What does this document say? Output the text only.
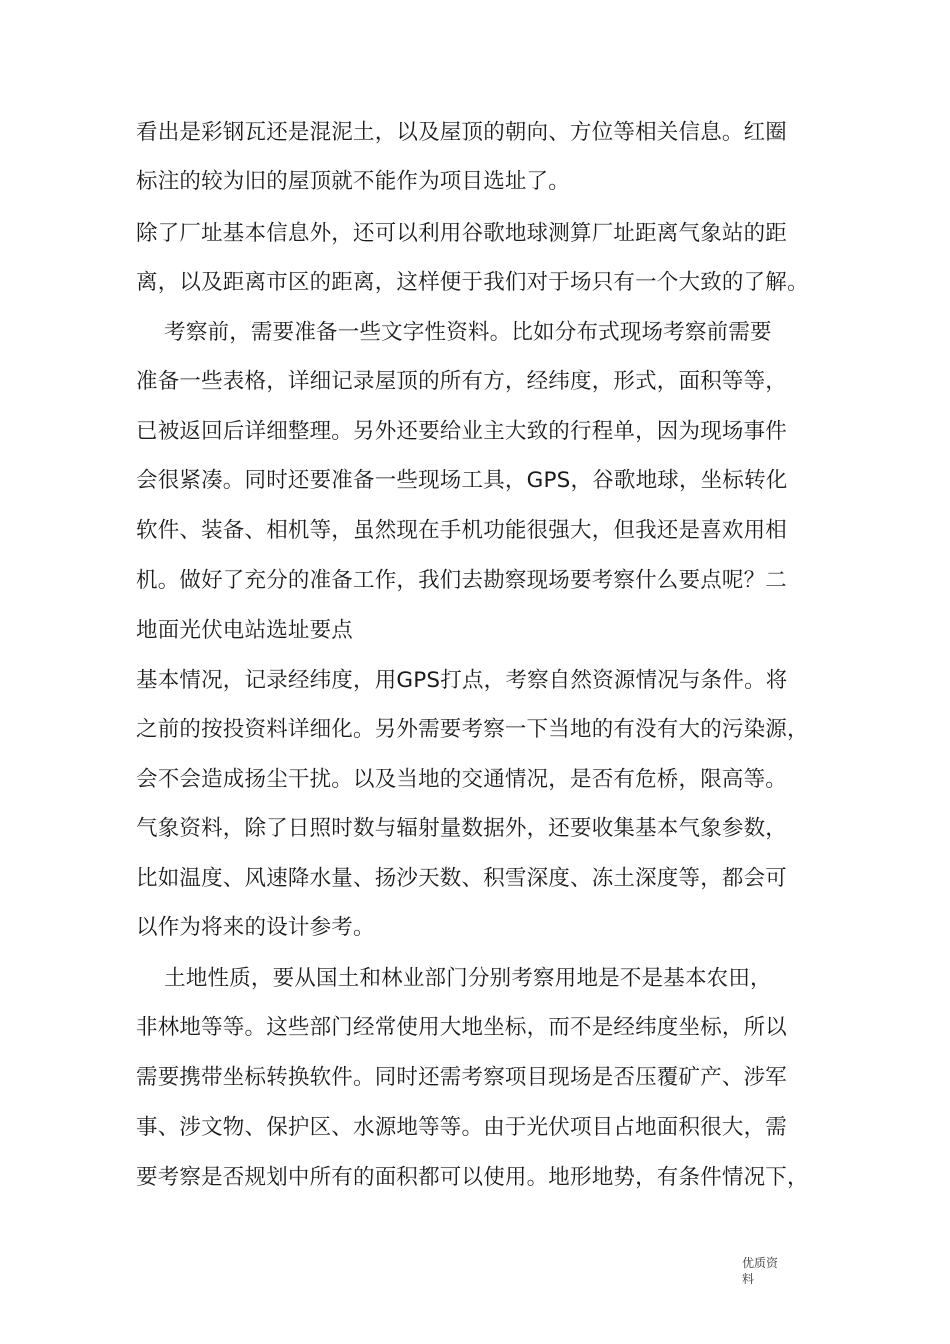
看出是彩钢瓦还是混泥土，以及屋顶的朝向、方位等相关信息。红圈
标注的较为旧的屋顶就不能作为项目选址了。
除了厂址基本信息外，还可以利用谷歌地球测算厂址距离气象站的距
离，以及距离市区的距离，这样便于我们对于场只有一个大致的了解。
考察前，需要准备一些文字性资料。比如分布式现场考察前需要
准备一些表格，详细记录屋顶的所有方，经纬度，形式，面积等等，
已被返回后详细整理。另外还要给业主大致的行程单，因为现场事件
会很紧凑。同时还要准备一些现场工具，GPS，谷歌地球，坐标转化
软件、装备、相机等，虽然现在手机功能很强大，但我还是喜欢用相
机。做好了充分的准备工作，我们去勘察现场要考察什么要点呢？二
地面光伏电站选址要点
基本情况，记录经纬度，用GPS打点，考察自然资源情况与条件。将
之前的按投资料详细化。另外需要考察一下当地的有没有大的污染源，
会不会造成扬尘干扰。以及当地的交通情况，是否有危桥，限高等。
气象资料，除了日照时数与辐射量数据外，还要收集基本气象参数，
比如温度、风速降水量、扬沙天数、积雪深度、冻土深度等，都会可
以作为将来的设计参考。
土地性质，要从国土和林业部门分别考察用地是不是基本农田，
非林地等等。这些部门经常使用大地坐标，而不是经纬度坐标，所以
需要携带坐标转换软件。同时还需考察项目现场是否压覆矿产、涉军
事、涉文物、保护区、水源地等等。由于光伏项目占地面积很大，需
要考察是否规划中所有的面积都可以使用。地形地势，有条件情况下，
优质资
料
